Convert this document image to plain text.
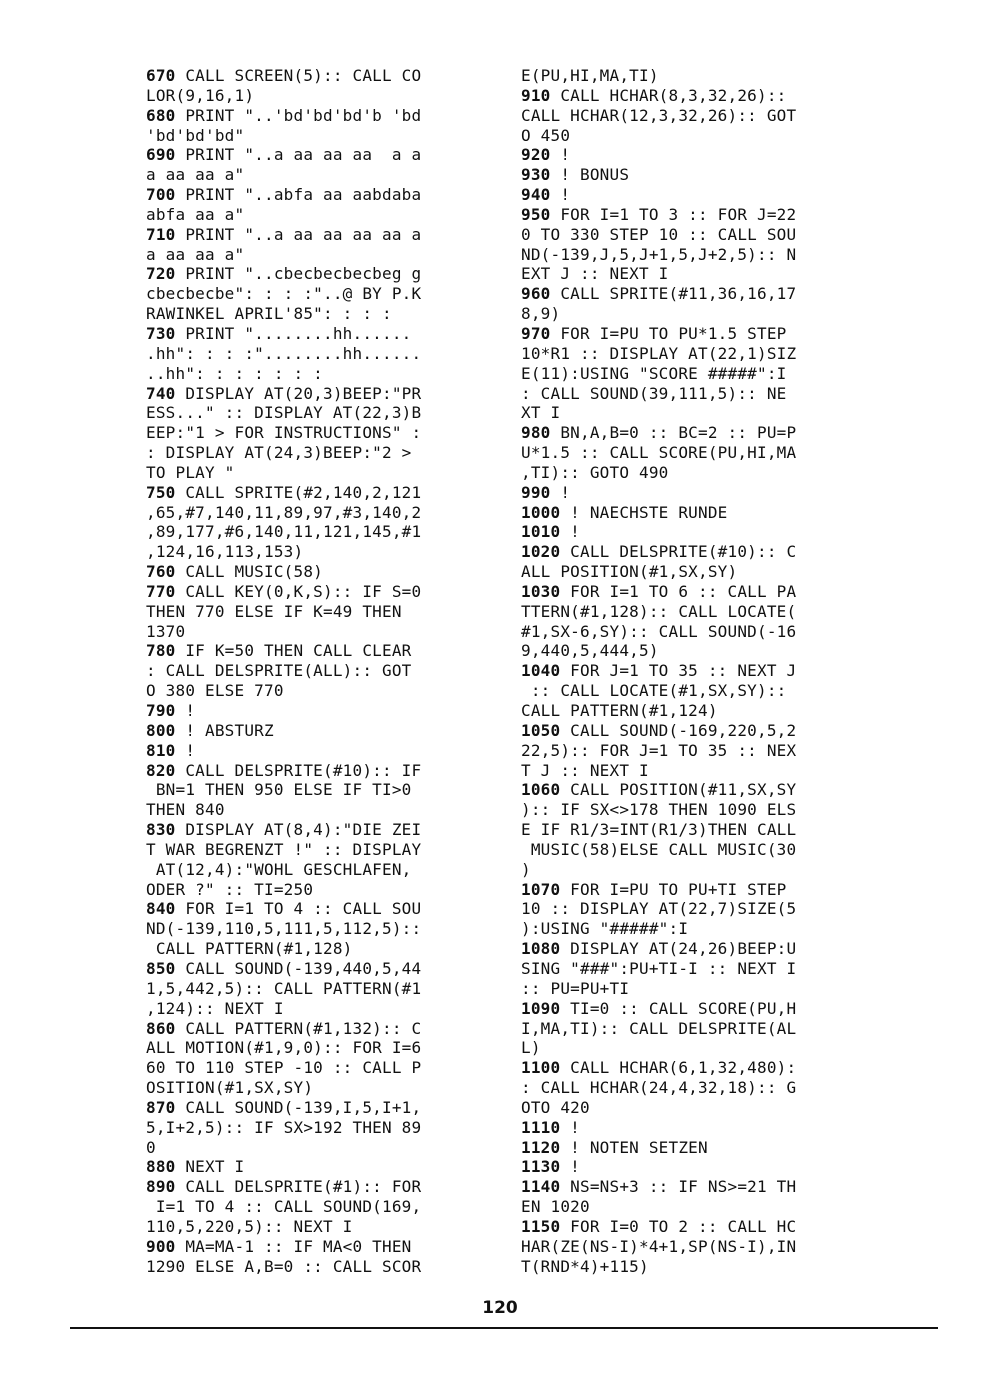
670 CALL SCREEN(5):: CALL CO
LOR(9,16,1)
680 PRINT "..'bd'bd'bd'b 'bd
'bd'bd'bd"
690 PRINT "..a aa aa aa  a a
a aa aa a"
700 PRINT "..abfa aa aabdaba
abfa aa a"
710 PRINT "..a aa aa aa aa a
a aa aa a"
720 PRINT "..cbecbecbecbeg g
cbecbecbe": : : :"..@ BY P.K
RAWINKEL APRIL'85": : : :
730 PRINT "........hh......
.hh": : : :"........hh......
..hh": : : : : : :
740 DISPLAY AT(20,3)BEEP:"PR
ESS..." :: DISPLAY AT(22,3)B
EEP:"1 > FOR INSTRUCTIONS" :
: DISPLAY AT(24,3)BEEP:"2 >
TO PLAY "
750 CALL SPRITE(#2,140,2,121
,65,#7,140,11,89,97,#3,140,2
,89,177,#6,140,11,121,145,#1
,124,16,113,153)
760 CALL MUSIC(58)
770 CALL KEY(0,K,S):: IF S=0
THEN 770 ELSE IF K=49 THEN
1370
780 IF K=50 THEN CALL CLEAR
: CALL DELSPRITE(ALL):: GOT
O 380 ELSE 770
790 !
800 ! ABSTURZ
810 !
820 CALL DELSPRITE(#10):: IF
BN=1 THEN 950 ELSE IF TI>0
THEN 840
830 DISPLAY AT(8,4):"DIE ZEI
T WAR BEGRENZT !" :: DISPLAY
AT(12,4):"WOHL GESCHLAFEN,
ODER ?" :: TI=250
840 FOR I=1 TO 4 :: CALL SOU
ND(-139,110,5,111,5,112,5)::
CALL PATTERN(#1,128)
850 CALL SOUND(-139,440,5,44
1,5,442,5):: CALL PATTERN(#1
,124):: NEXT I
860 CALL PATTERN(#1,132):: C
ALL MOTION(#1,9,0):: FOR I=6
60 TO 110 STEP -10 :: CALL P
OSITION(#1,SX,SY)
870 CALL SOUND(-139,I,5,I+1,
5,I+2,5):: IF SX>192 THEN 89
0
880 NEXT I
890 CALL DELSPRITE(#1):: FOR
I=1 TO 4 :: CALL SOUND(169,
110,5,220,5):: NEXT I
900 MA=MA-1 :: IF MA<0 THEN
1290 ELSE A,B=0 :: CALL SCOR
E(PU,HI,MA,TI)
910 CALL HCHAR(8,3,32,26)::
CALL HCHAR(12,3,32,26):: GOT
O 450
920 !
930 ! BONUS
940 !
950 FOR I=1 TO 3 :: FOR J=22
0 TO 330 STEP 10 :: CALL SOU
ND(-139,J,5,J+1,5,J+2,5):: N
EXT J :: NEXT I
960 CALL SPRITE(#11,36,16,17
8,9)
970 FOR I=PU TO PU*1.5 STEP
10*R1 :: DISPLAY AT(22,1)SIZ
E(11):USING "SCORE #####":I
: CALL SOUND(39,111,5):: NE
XT I
980 BN,A,B=0 :: BC=2 :: PU=P
U*1.5 :: CALL SCORE(PU,HI,MA
,TI):: GOTO 490
990 !
1000 ! NAECHSTE RUNDE
1010 !
1020 CALL DELSPRITE(#10):: C
ALL POSITION(#1,SX,SY)
1030 FOR I=1 TO 6 :: CALL PA
TTERN(#1,128):: CALL LOCATE(
#1,SX-6,SY):: CALL SOUND(-16
9,440,5,444,5)
1040 FOR J=1 TO 35 :: NEXT J
:: CALL LOCATE(#1,SX,SY)::
CALL PATTERN(#1,124)
1050 CALL SOUND(-169,220,5,2
22,5):: FOR J=1 TO 35 :: NEX
T J :: NEXT I
1060 CALL POSITION(#11,SX,SY
):: IF SX<>178 THEN 1090 ELS
E IF R1/3=INT(R1/3)THEN CALL
MUSIC(58)ELSE CALL MUSIC(30
)
1070 FOR I=PU TO PU+TI STEP
10 :: DISPLAY AT(22,7)SIZE(5
):USING "#####":I
1080 DISPLAY AT(24,26)BEEP:U
SING "###":PU+TI-I :: NEXT I
:: PU=PU+TI
1090 TI=0 :: CALL SCORE(PU,H
I,MA,TI):: CALL DELSPRITE(AL
L)
1100 CALL HCHAR(6,1,32,480):
: CALL HCHAR(24,4,32,18):: G
OTO 420
1110 !
1120 ! NOTEN SETZEN
1130 !
1140 NS=NS+3 :: IF NS>=21 TH
EN 1020
1150 FOR I=0 TO 2 :: CALL HC
HAR(ZE(NS-I)*4+1,SP(NS-I),IN
T(RND*4)+115)
120
